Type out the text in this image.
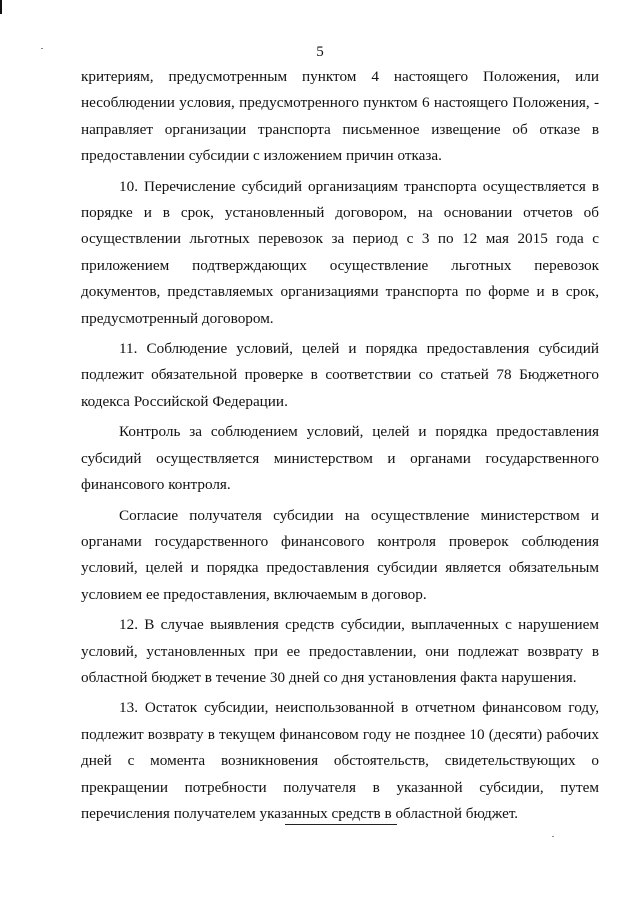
5

критериям, предусмотренным пунктом 4 настоящего Положения, или несоблюдении условия, предусмотренного пунктом 6 настоящего Положения, - направляет организации транспорта письменное извещение об отказе в предоставлении субсидии с изложением причин отказа.

10. Перечисление субсидий организациям транспорта осуществляется в порядке и в срок, установленный договором, на основании отчетов об осуществлении льготных перевозок за период с 3 по 12 мая 2015 года с приложением подтверждающих осуществление льготных перевозок документов, представляемых организациями транспорта по форме и в срок, предусмотренный договором.

11. Соблюдение условий, целей и порядка предоставления субсидий подлежит обязательной проверке в соответствии со статьей 78 Бюджетного кодекса Российской Федерации.

Контроль за соблюдением условий, целей и порядка предоставления субсидий осуществляется министерством и органами государственного финансового контроля.

Согласие получателя субсидии на осуществление министерством и органами государственного финансового контроля проверок соблюдения условий, целей и порядка предоставления субсидии является обязательным условием ее предоставления, включаемым в договор.

12. В случае выявления средств субсидии, выплаченных с нарушением условий, установленных при ее предоставлении, они подлежат возврату в областной бюджет в течение 30 дней со дня установления факта нарушения.

13. Остаток субсидии, неиспользованной в отчетном финансовом году, подлежит возврату в текущем финансовом году не позднее 10 (десяти) рабочих дней с момента возникновения обстоятельств, свидетельствующих о прекращении потребности получателя в указанной субсидии, путем перечисления получателем указанных средств в областной бюджет.
